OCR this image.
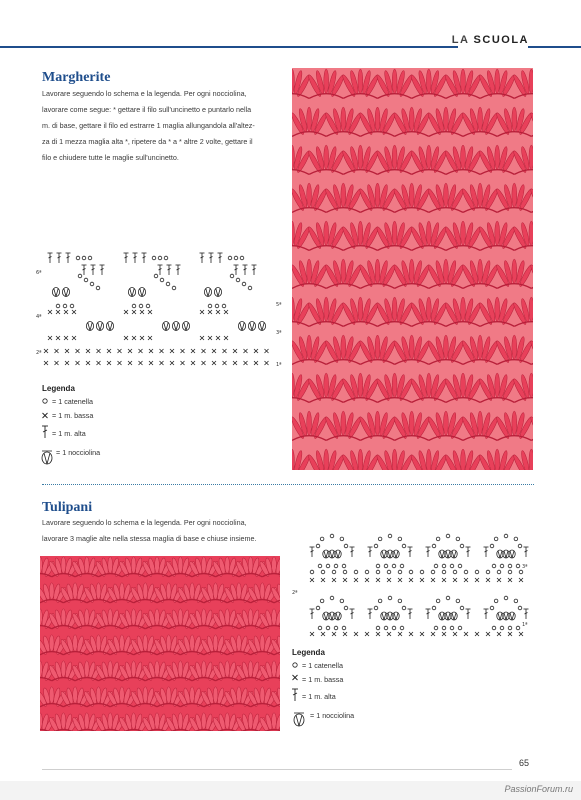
LA SCUOLA
Margherite
Lavorare seguendo lo schema e la legenda. Per ogni nocciolina,
lavorare come segue: * gettare il filo sull'uncinetto e puntarlo nella
m. di base, gettare il filo ed estrarre 1 maglia allungandola all'altez-
za di 1 mezza maglia alta *, ripetere da * a * altre 2 volte, gettare il
filo e chiudere tutte le maglie sull'uncinetto.
6ª
5ª
4ª
3ª
2ª
1ª
Legenda
= 1 catenella
= 1 m. bassa
= 1 m. alta
= 1 nocciolina
Tulipani
Lavorare seguendo lo schema e la legenda. Per ogni nocciolina,
lavorare 3 maglie alte nella stessa maglia di base e chiuse insieme.
3ª
2ª
1ª
Legenda
= 1 catenella
= 1 m. bassa
= 1 m. alta
= 1 nocciolina
65
PassionForum.ru
